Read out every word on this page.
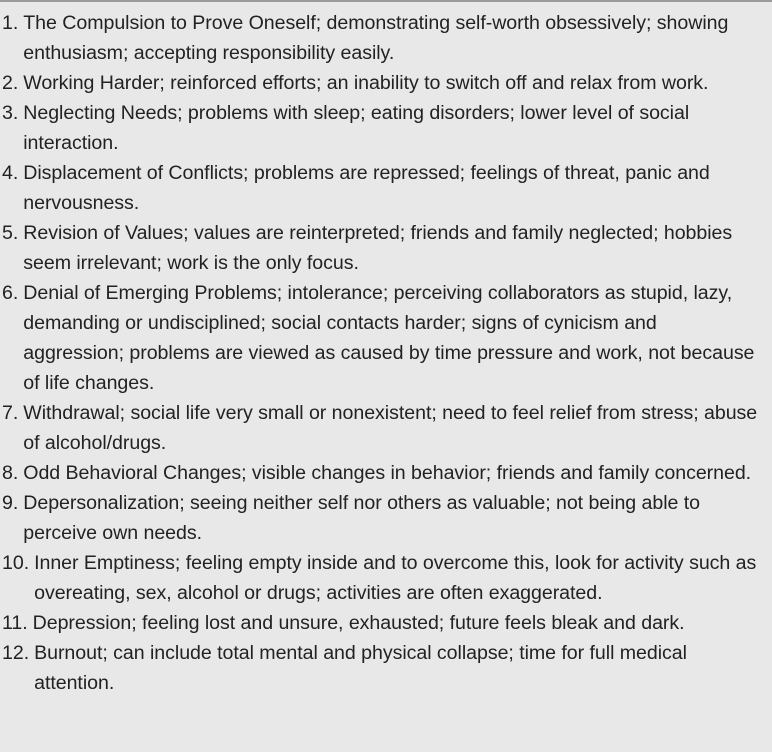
1. The Compulsion to Prove Oneself; demonstrating self-worth obsessively; showing enthusiasm; accepting responsibility easily.
2. Working Harder; reinforced efforts; an inability to switch off and relax from work.
3. Neglecting Needs; problems with sleep; eating disorders; lower level of social interaction.
4. Displacement of Conflicts; problems are repressed; feelings of threat, panic and nervousness.
5. Revision of Values; values are reinterpreted; friends and family neglected; hobbies seem irrelevant; work is the only focus.
6. Denial of Emerging Problems; intolerance; perceiving collaborators as stupid, lazy, demanding or undisciplined; social contacts harder; signs of cynicism and aggression; problems are viewed as caused by time pressure and work, not because of life changes.
7. Withdrawal; social life very small or nonexistent; need to feel relief from stress; abuse of alcohol/drugs.
8. Odd Behavioral Changes; visible changes in behavior; friends and family concerned.
9. Depersonalization; seeing neither self nor others as valuable; not being able to perceive own needs.
10. Inner Emptiness; feeling empty inside and to overcome this, look for activity such as overeating, sex, alcohol or drugs; activities are often exaggerated.
11. Depression; feeling lost and unsure, exhausted; future feels bleak and dark.
12. Burnout; can include total mental and physical collapse; time for full medical attention.
